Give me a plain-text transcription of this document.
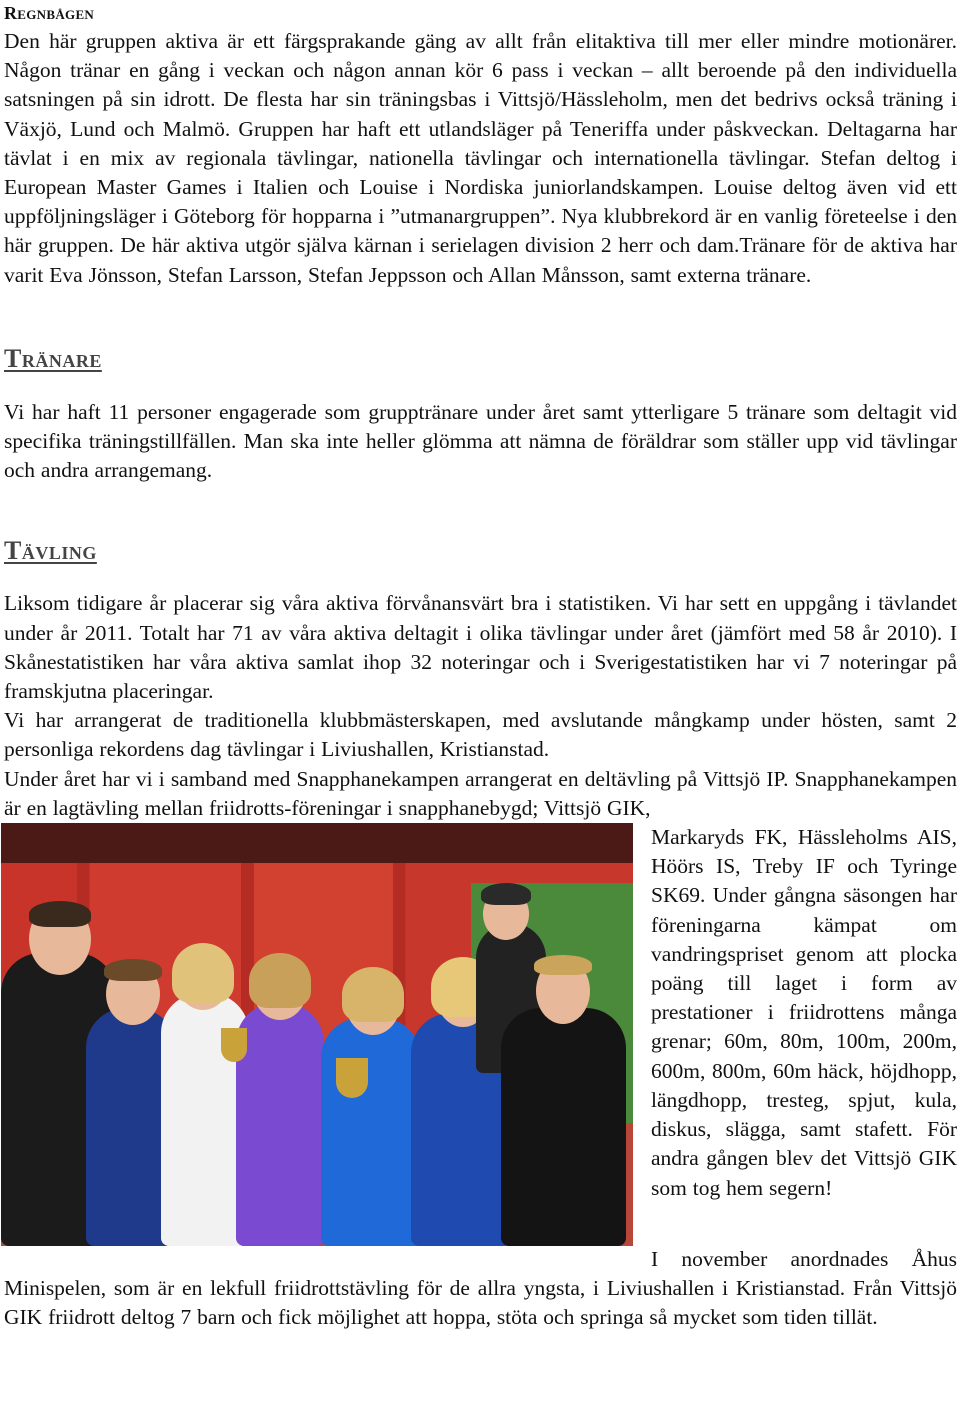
Regnbågen

Den här gruppen aktiva är ett färgsprakande gäng av allt från elitaktiva till mer eller mindre motionärer. Någon tränar en gång i veckan och någon annan kör 6 pass i veckan – allt beroende på den individuella satsningen på sin idrott. De flesta har sin träningsbas i Vittsjö/Hässleholm, men det bedrivs också träning i Växjö, Lund och Malmö. Gruppen har haft ett utlandsläger på Teneriffa under påskveckan. Deltagarna har tävlat i en mix av regionala tävlingar, nationella tävlingar och internationella tävlingar. Stefan deltog i European Master Games i Italien och Louise i Nordiska juniorlandskampen. Louise deltog även vid ett uppföljningsläger i Göteborg för hopparna i ”utmanargruppen”. Nya klubbrekord är en vanlig företeelse i den här gruppen. De här aktiva utgör själva kärnan i serielagen division 2 herr och dam.Tränare för de aktiva har varit Eva Jönsson, Stefan Larsson, Stefan Jeppsson och Allan Månsson, samt externa tränare.

Tränare

Vi har haft 11 personer engagerade som grupptränare under året samt ytterligare 5 tränare som deltagit vid specifika träningstillfällen. Man ska inte heller glömma att nämna de föräldrar som ställer upp vid tävlingar och andra arrangemang.

Tävling

Liksom tidigare år placerar sig våra aktiva förvånansvärt bra i statistiken. Vi har sett en uppgång i tävlandet under år 2011. Totalt har 71 av våra aktiva deltagit i olika tävlingar under året (jämfört med 58 år 2010). I Skånestatistiken har våra aktiva samlat ihop 32 noteringar och i Sverigestatistiken har vi 7 noteringar på framskjutna placeringar.

Vi har arrangerat de traditionella klubbmästerskapen, med avslutande mångkamp under hösten, samt 2 personliga rekordens dag tävlingar i Liviushallen, Kristianstad.

Under året har vi i samband med Snapphanekampen arrangerat en deltävling på Vittsjö IP. Snapphanekampen är en lagtävling mellan friidrotts-föreningar i snapphanebygd; Vittsjö GIK,

Markaryds FK, Hässleholms AIS, Höörs IS, Treby IF och Tyringe SK69. Under gångna säsongen har föreningarna kämpat om vandringspriset genom att plocka poäng till laget i form av prestationer i friidrottens många grenar; 60m, 80m, 100m, 200m, 600m, 800m, 60m häck, höjdhopp, längdhopp, tresteg, spjut, kula, diskus, slägga, samt stafett. För andra gången blev det Vittsjö GIK som tog hem segern!

I november anordnades Åhus Minispelen, som är en lekfull friidrottstävling för de allra yngsta, i Liviushallen i Kristianstad. Från Vittsjö GIK friidrott deltog 7 barn och fick möjlighet att hoppa, stöta och springa så mycket som tiden tillät.
